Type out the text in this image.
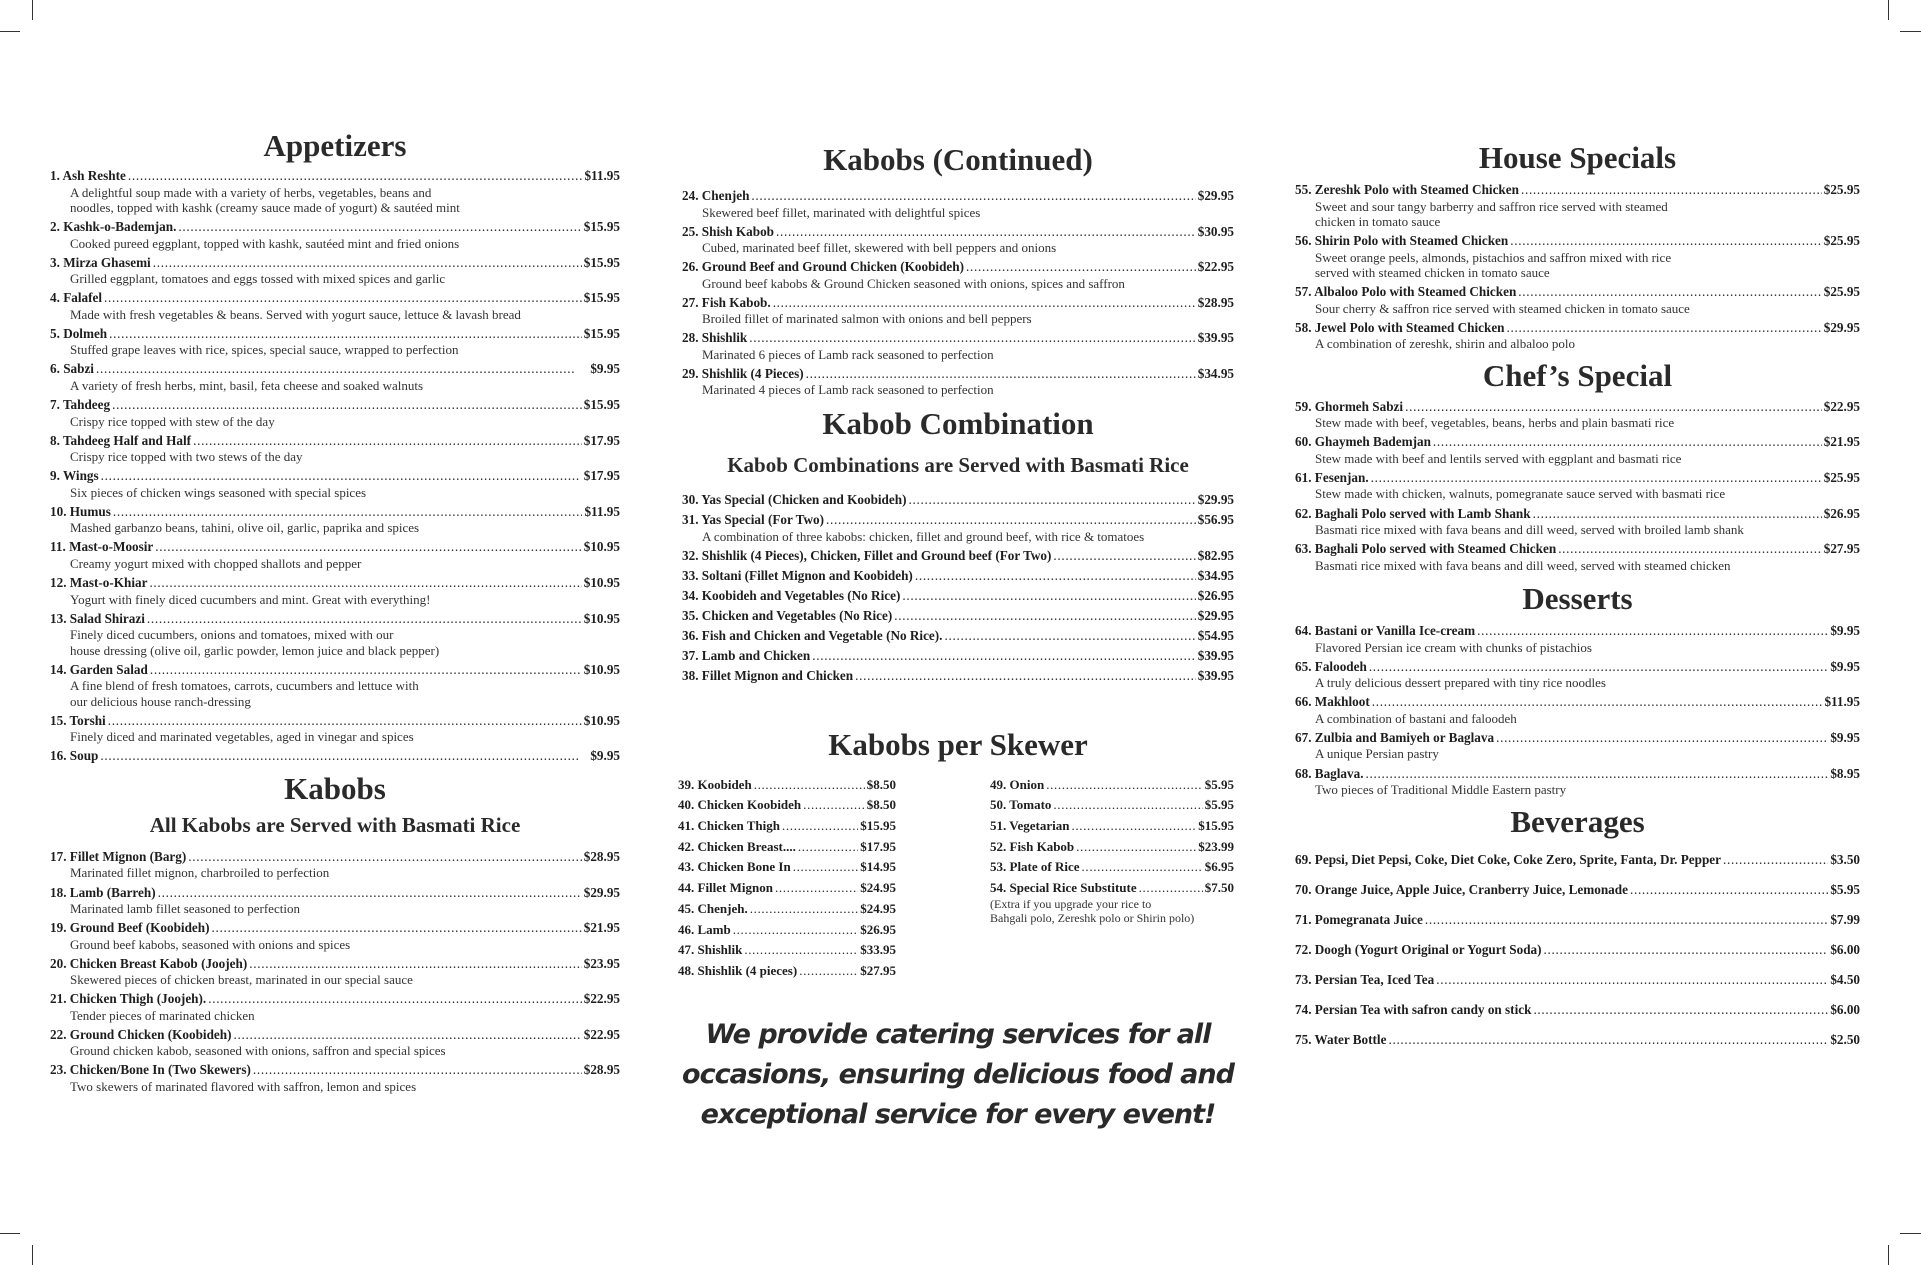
Appetizers
1. Ash Reshte . . .	$11.95
A delightful soup made with a variety of herbs, vegetables, beans and
noodles, topped with kashk (creamy sauce made of yogurt) & sautéed mint
2. Kashk-o-Bademjan. . . .	$15.95
Cooked pureed eggplant, topped with kashk, sautéed mint and fried onions
3. Mirza Ghasemi . . .	$15.95
Grilled eggplant, tomatoes and eggs tossed with mixed spices and garlic
4. Falafel . . .	$15.95
Made with fresh vegetables & beans. Served with yogurt sauce, lettuce & lavash bread
5. Dolmeh . . .	$15.95
Stuffed grape leaves with rice, spices, special sauce, wrapped to perfection
6. Sabzi . . .	$9.95
A variety of fresh herbs, mint, basil, feta cheese and soaked walnuts
7. Tahdeeg . . .	$15.95
Crispy rice topped with stew of the day
8. Tahdeeg Half and Half . . .	$17.95
Crispy rice topped with two stews of the day
9. Wings . . .	$17.95
Six pieces of chicken wings seasoned with special spices
10. Humus . . .	$11.95
Mashed garbanzo beans, tahini, olive oil, garlic, paprika and spices
11. Mast-o-Moosir . . .	$10.95
Creamy yogurt mixed with chopped shallots and pepper
12. Mast-o-Khiar . . .	$10.95
Yogurt with finely diced cucumbers and mint. Great with everything!
13. Salad Shirazi . . .	$10.95
Finely diced cucumbers, onions and tomatoes, mixed with our
house dressing (olive oil, garlic powder, lemon juice and black pepper)
14. Garden Salad . . .	$10.95
A fine blend of fresh tomatoes, carrots, cucumbers and lettuce with
our delicious house ranch-dressing
15. Torshi . . .	$10.95
Finely diced and marinated vegetables, aged in vinegar and spices
16. Soup . . .	$9.95
Kabobs
All Kabobs are Served with Basmati Rice
17. Fillet Mignon (Barg) . . .	$28.95
Marinated fillet mignon, charbroiled to perfection
18. Lamb (Barreh) . . .	$29.95
Marinated lamb fillet seasoned to perfection
19. Ground Beef (Koobideh) . . .	$21.95
Ground beef kabobs, seasoned with onions and spices
20. Chicken Breast Kabob (Joojeh) . . .	$23.95
Skewered pieces of chicken breast, marinated in our special sauce
21. Chicken Thigh (Joojeh). . . .	$22.95
Tender pieces of marinated chicken
22. Ground Chicken (Koobideh) . . .	$22.95
Ground chicken kabob, seasoned with onions, saffron and special spices
23. Chicken/Bone In (Two Skewers) . . .	$28.95
Two skewers of marinated flavored with saffron, lemon and spices
Kabobs (Continued)
24. Chenjeh . . .	$29.95
Skewered beef fillet, marinated with delightful spices
25. Shish Kabob . . .	$30.95
Cubed, marinated beef fillet, skewered with bell peppers and onions
26. Ground Beef and Ground Chicken (Koobideh) . . .	$22.95
Ground beef kabobs & Ground Chicken seasoned with onions, spices and saffron
27. Fish Kabob. . . .	$28.95
Broiled fillet of marinated salmon with onions and bell peppers
28. Shishlik . . .	$39.95
Marinated 6 pieces of Lamb rack seasoned to perfection
29. Shishlik (4 Pieces) . . .	$34.95
Marinated 4 pieces of Lamb rack seasoned to perfection
Kabob Combination
Kabob Combinations are Served with Basmati Rice
30. Yas Special (Chicken and Koobideh) . . .	$29.95
31. Yas Special (For Two) . . .	$56.95
A combination of three kabobs: chicken, fillet and ground beef, with rice & tomatoes
32. Shishlik (4 Pieces), Chicken, Fillet and Ground beef (For Two) . . .	$82.95
33. Soltani (Fillet Mignon and Koobideh) . . .	$34.95
34. Koobideh and Vegetables (No Rice) . . .	$26.95
35. Chicken and Vegetables (No Rice) . . .	$29.95
36. Fish and Chicken and Vegetable (No Rice). . . .	$54.95
37. Lamb and Chicken . . .	$39.95
38. Fillet Mignon and Chicken . . .	$39.95
Kabobs per Skewer
39. Koobideh . . .	$8.50
40. Chicken Koobideh . . .	$8.50
41. Chicken Thigh . . .	$15.95
42. Chicken Breast.... . . .	$17.95
43. Chicken Bone In . . .	$14.95
44. Fillet Mignon . . .	$24.95
45. Chenjeh. . . .	$24.95
46. Lamb . . .	$26.95
47. Shishlik . . .	$33.95
48. Shishlik (4 pieces) . . .	$27.95
49. Onion . . .	$5.95
50. Tomato . . .	$5.95
51. Vegetarian . . .	$15.95
52. Fish Kabob . . .	$23.99
53. Plate of Rice . . .	$6.95
54. Special Rice Substitute . . .	$7.50
(Extra if you upgrade your rice to
Bahgali polo, Zereshk polo or Shirin polo)
We provide catering services for all
occasions, ensuring delicious food and
exceptional service for every event!
House Specials
55. Zereshk Polo with Steamed Chicken . . .	$25.95
Sweet and sour tangy barberry and saffron rice served with steamed
chicken in tomato sauce
56. Shirin Polo with Steamed Chicken . . .	$25.95
Sweet orange peels, almonds, pistachios and saffron mixed with rice
served with steamed chicken in tomato sauce
57. Albaloo Polo with Steamed Chicken . . .	$25.95
Sour cherry & saffron rice served with steamed chicken in tomato sauce
58. Jewel Polo with Steamed Chicken . . .	$29.95
A combination of zereshk, shirin and albaloo polo
Chef’s Special
59. Ghormeh Sabzi . . .	$22.95
Stew made with beef, vegetables, beans, herbs and plain basmati rice
60. Ghaymeh Bademjan . . .	$21.95
Stew made with beef and lentils served with eggplant and basmati rice
61. Fesenjan. . . .	$25.95
Stew made with chicken, walnuts, pomegranate sauce served with basmati rice
62. Baghali Polo served with Lamb Shank . . .	$26.95
Basmati rice mixed with fava beans and dill weed, served with broiled lamb shank
63. Baghali Polo served with Steamed Chicken . . .	$27.95
Basmati rice mixed with fava beans and dill weed, served with steamed chicken
Desserts
64. Bastani or Vanilla Ice-cream . . .	$9.95
Flavored Persian ice cream with chunks of pistachios
65. Faloodeh . . .	$9.95
A truly delicious dessert prepared with tiny rice noodles
66. Makhloot . . .	$11.95
A combination of bastani and faloodeh
67. Zulbia and Bamiyeh or Baglava . . .	$9.95
A unique Persian pastry
68. Baglava. . . .	$8.95
Two pieces of Traditional Middle Eastern pastry
Beverages
69. Pepsi, Diet Pepsi, Coke, Diet Coke, Coke Zero, Sprite, Fanta, Dr. Pepper . . .	$3.50
70. Orange Juice, Apple Juice, Cranberry Juice, Lemonade . . .	$5.95
71. Pomegranata Juice . . .	$7.99
72. Doogh (Yogurt Original or Yogurt Soda) . . .	$6.00
73. Persian Tea, Iced Tea . . .	$4.50
74. Persian Tea with safron candy on stick . . .	$6.00
75. Water Bottle . . .	$2.50
